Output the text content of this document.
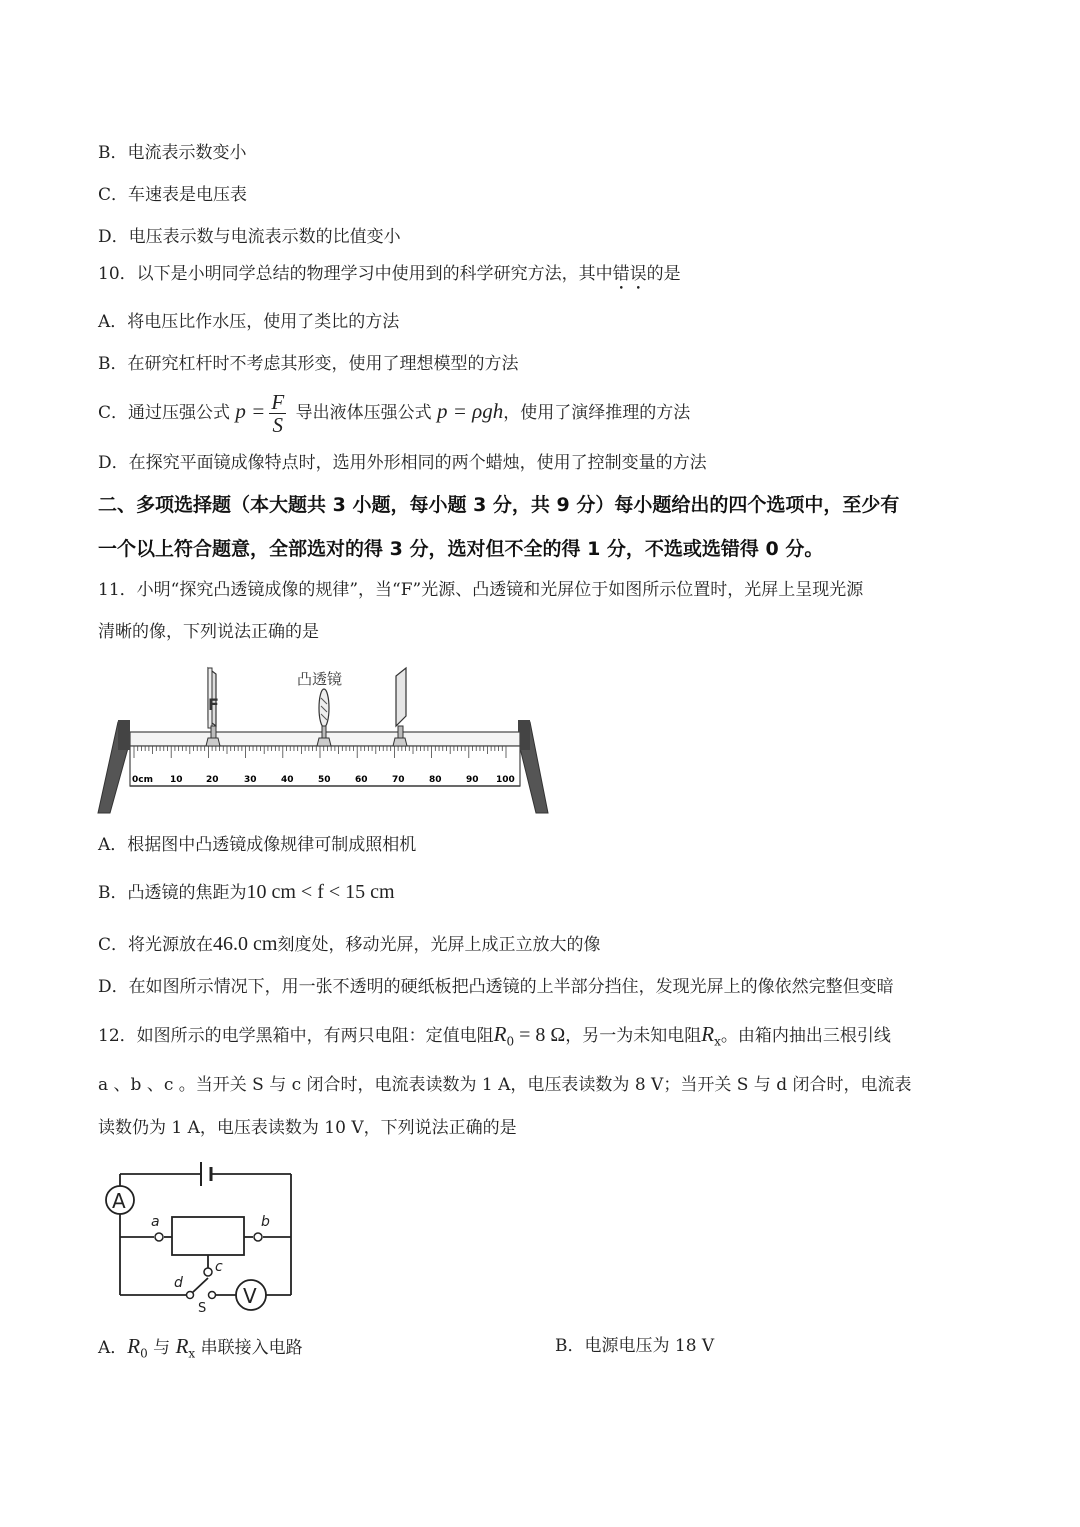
B．电流表示数变小
C．车速表是电压表
D．电压表示数与电流表示数的比值变小
10．以下是小明同学总结的物理学习中使用到的科学研究方法，其中错误的是
A．将电压比作水压，使用了类比的方法
B．在研究杠杆时不考虑其形变，使用了理想模型的方法
C．通过压强公式 $p = \frac{F}{S}$ 导出液体压强公式 p = ρgh，使用了演绎推理的方法
D．在探究平面镜成像特点时，选用外形相同的两个蜡烛，使用了控制变量的方法
二、多项选择题（本大题共 3 小题，每小题 3 分，共 9 分）每小题给出的四个选项中，至少有
一个以上符合题意，全部选对的得 3 分，选对但不全的得 1 分，不选或选错得 0 分。
11．小明“探究凸透镜成像的规律”，当“F”光源、凸透镜和光屏位于如图所示位置时，光屏上呈现光源
清晰的像，下列说法正确的是
0cm 10	20	30	40	50	60	70	80	90 100
F
凸透镜
A．根据图中凸透镜成像规律可制成照相机
B．凸透镜的焦距为10 cm < f < 15 cm
C．将光源放在46.0 cm刻度处，移动光屏，光屏上成正立放大的像
D．在如图所示情况下，用一张不透明的硬纸板把凸透镜的上半部分挡住，发现光屏上的像依然完整但变暗
12．如图所示的电学黑箱中，有两只电阻：定值电阻$R_0 = 8$ Ω，另一为未知电阻$R_x$。由箱内抽出三根引线
a 、b 、c 。当开关 S 与 c 闭合时，电流表读数为 1 A，电压表读数为 8 V；当开关 S 与 d 闭合时，电流表
读数仍为 1 A，电压表读数为 10 V，下列说法正确的是
A
V
a	b
c
d
S
A．$R_0$ 与 $R_x$ 串联接入电路	B．电源电压为 18 V
